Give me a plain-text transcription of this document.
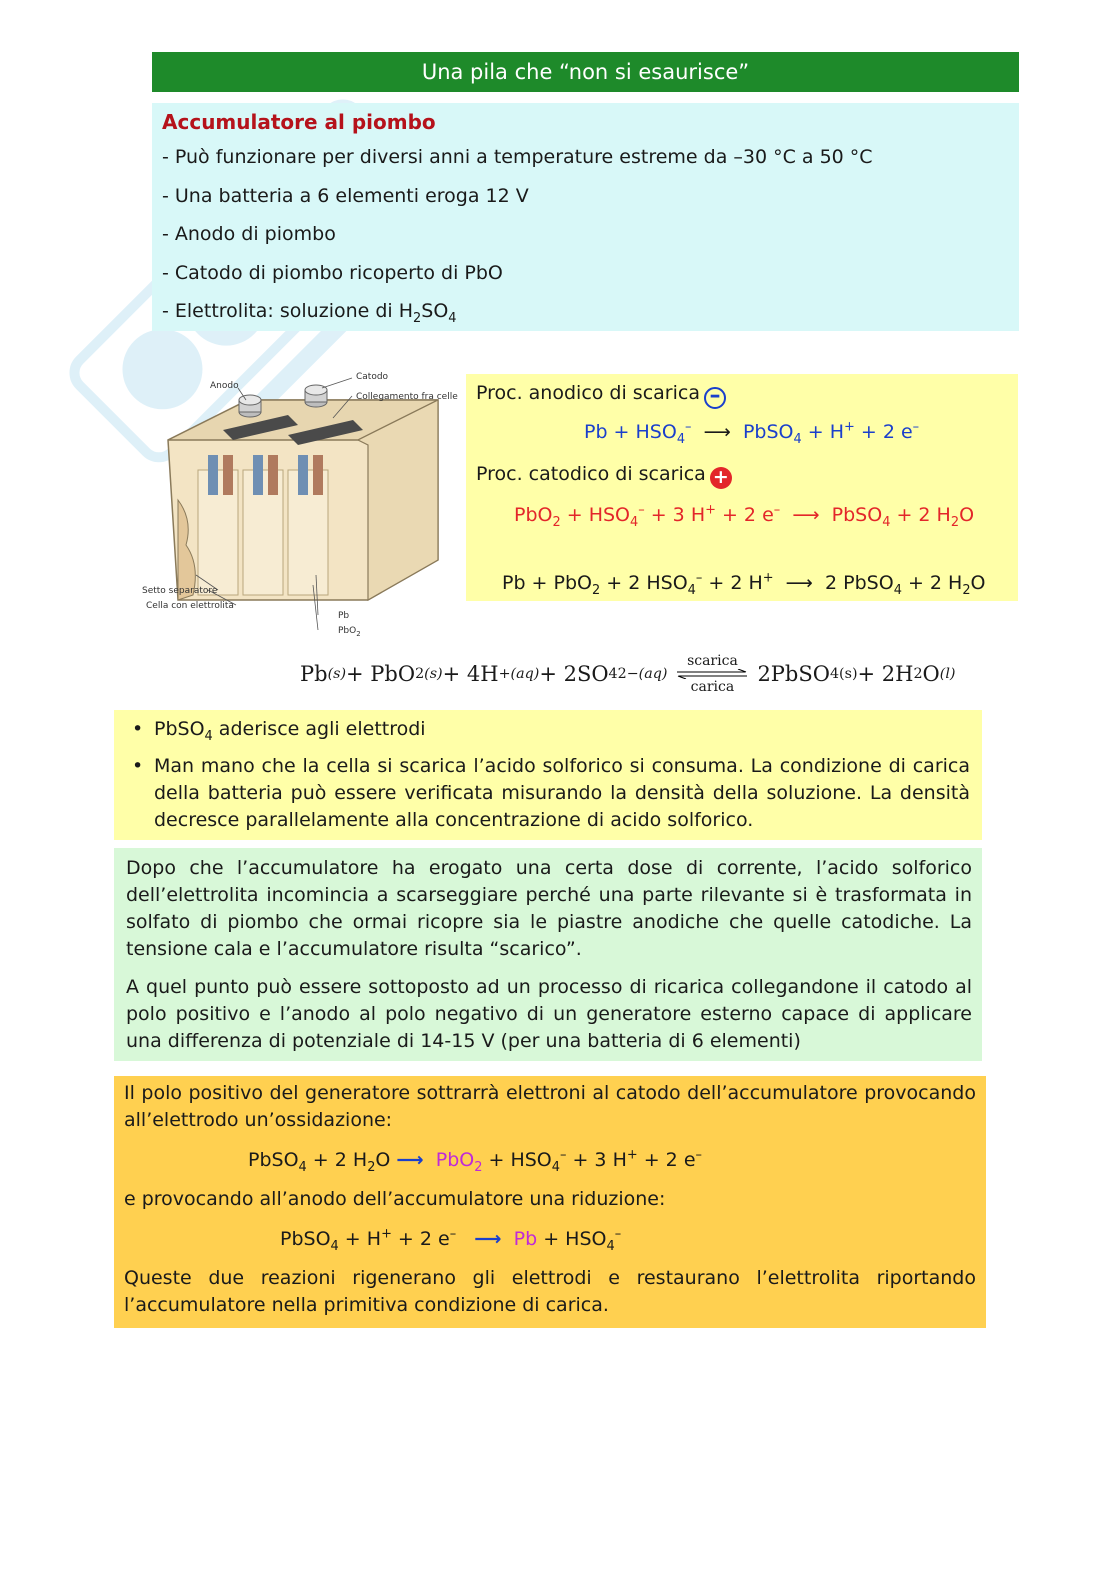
Una pila che “non si esaurisce”
Accumulatore al piombo
- Può funzionare per diversi anni a temperature estreme da –30 °C a 50 °C
- Una batteria a 6 elementi eroga 12 V
- Anodo di piombo
- Catodo di piombo ricoperto di PbO
- Elettrolita: soluzione di $H_2SO_4$
Anodo
Catodo
Collegamento fra celle
Setto separatore
Cella con elettrolita
Pb
PbO$_2$
Proc. anodico di scarica –
$Pb + HSO_4^-$ ⟶ PbSO$_4$ + H+ + 2 e–
Proc. catodico di scarica +
$PbO_2 + HSO_4^- + 3$ H+ + 2 e– ⟶ PbSO$_4$ + 2 $H_2O$
Pb + PbO$_2$ + 2 $HSO_4^- + 2$ H+ ⟶ 2 PbSO$_4$ + 2 $H_2O$
Pb (s) + PbO 2(s) + 4H + (aq) + 2SO 4 2− (aq)
scarica
carica
2PbSO 4(s) + 2H 2 O (l)
• PbSO$_4$ aderisce agli elettrodi
• Man mano che la cella si scarica l’acido solforico si consuma. La condizione di carica della batteria può essere verificata misurando la densità della soluzione. La densità decresce parallelamente alla concentrazione di acido solforico.

Dopo che l’accumulatore ha erogato una certa dose di corrente, l’acido solforico dell’elettrolita incomincia a scarseggiare perché una parte rilevante si è trasformata in solfato di piombo che ormai ricopre sia le piastre anodiche che quelle catodiche. La tensione cala e l’accumulatore risulta “scarico”.

A quel punto può essere sottoposto ad un processo di ricarica collegandone il catodo al polo positivo e l’anodo al polo negativo di un generatore esterno capace di applicare una differenza di potenziale di 14-15 V (per una batteria di 6 elementi)

Il polo positivo del generatore sottrarrà elettroni al catodo dell’accumulatore provocando all’elettrodo un’ossidazione:

PbSO$_4$ + 2 $H_2O$ ⟶ $PbO_2 + HSO_4^- + 3$ H+ + 2 e–

e provocando all’anodo dell’accumulatore una riduzione:

PbSO$_4$ + H+ + 2 e– ⟶ $Pb + HSO_4^-$

Queste due reazioni rigenerano gli elettrodi e restaurano l’elettrolita riportando l’accumulatore nella primitiva condizione di carica.
